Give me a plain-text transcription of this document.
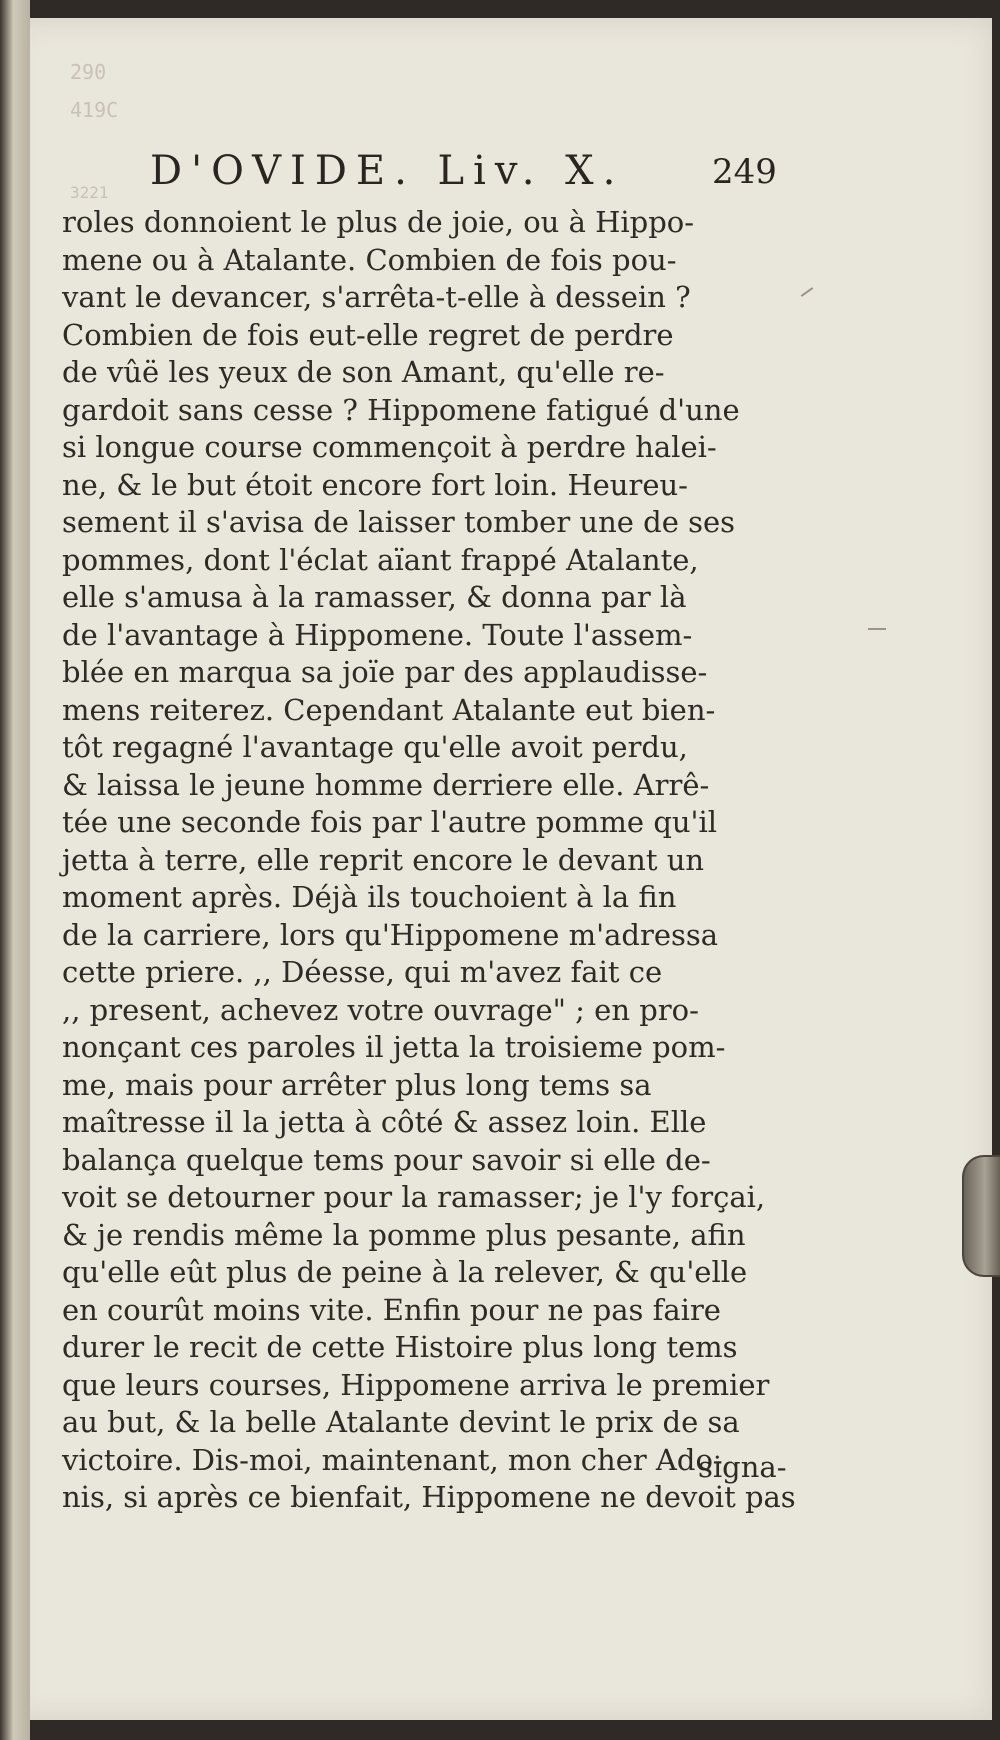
290
419C
3221 D'OVIDE. Liv. X.	249
roles donnoient le plus de joie, ou à Hippo-
mene ou à Atalante. Combien de fois pou-
vant le devancer, s'arrêta-t-elle à dessein ?
Combien de fois eut-elle regret de perdre
de vûë les yeux de son Amant, qu'elle re-
gardoit sans cesse ? Hippomene fatigué d'une
si longue course commençoit à perdre halei-
ne, & le but étoit encore fort loin. Heureu-
sement il s'avisa de laisser tomber une de ses
pommes, dont l'éclat aïant frappé Atalante,
elle s'amusa à la ramasser, & donna par là
de l'avantage à Hippomene. Toute l'assem-
blée en marqua sa joïe par des applaudisse-
mens reiterez. Cependant Atalante eut bien-
tôt regagné l'avantage qu'elle avoit perdu,
& laissa le jeune homme derriere elle. Arrê-
tée une seconde fois par l'autre pomme qu'il
jetta à terre, elle reprit encore le devant un
moment après. Déjà ils touchoient à la fin
de la carriere, lors qu'Hippomene m'adressa
cette priere. ,, Déesse, qui m'avez fait ce
,, present, achevez votre ouvrage" ; en pro-
nonçant ces paroles il jetta la troisieme pom-
me, mais pour arrêter plus long tems sa
maîtresse il la jetta à côté & assez loin. Elle
balança quelque tems pour savoir si elle de-
voit se detourner pour la ramasser; je l'y forçai,
& je rendis même la pomme plus pesante, afin
qu'elle eût plus de peine à la relever, & qu'elle
en courût moins vite. Enfin pour ne pas faire
durer le recit de cette Histoire plus long tems
que leurs courses, Hippomene arriva le premier
au but, & la belle Atalante devint le prix de sa
victoire. Dis-moi, maintenant, mon cher Ado-
nis, si après ce bienfait, Hippomene ne devoit pas
signa-
